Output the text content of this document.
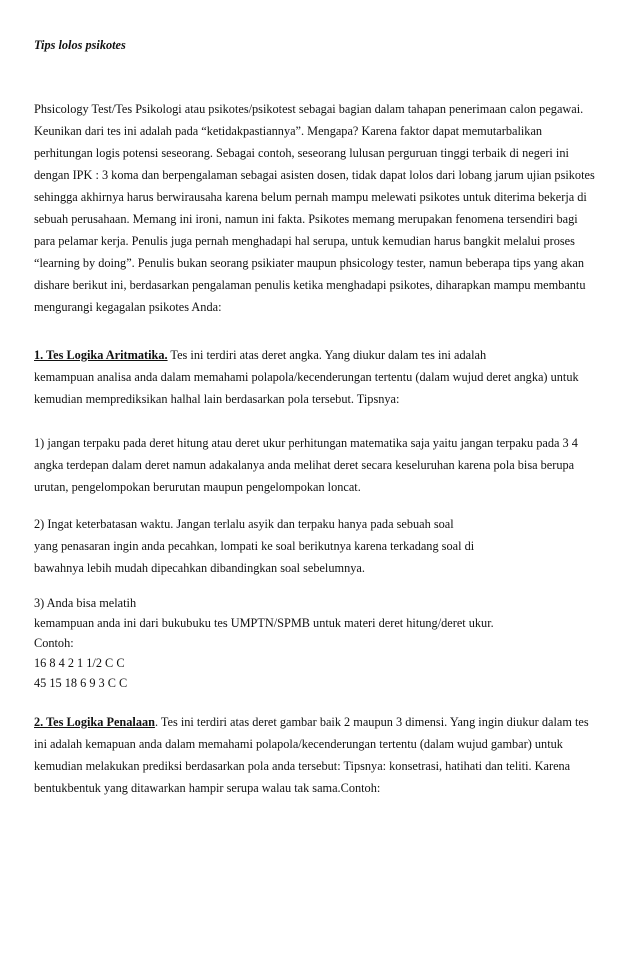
Tips lolos psikotes

Phsicology Test/Tes Psikologi atau psikotes/psikotest sebagai bagian dalam tahapan penerimaan calon pegawai.
Keunikan dari tes ini adalah pada “ketidakpastiannya”. Mengapa? Karena faktor dapat memutarbalikan
perhitungan logis potensi seseorang. Sebagai contoh, seseorang lulusan perguruan tinggi terbaik di negeri ini
dengan IPK : 3 koma dan berpengalaman sebagai asisten dosen, tidak dapat lolos dari lobang jarum ujian psikotes
sehingga akhirnya harus berwirausaha karena belum pernah mampu melewati psikotes untuk diterima bekerja di
sebuah perusahaan. Memang ini ironi, namun ini fakta. Psikotes memang merupakan fenomena tersendiri bagi
para pelamar kerja. Penulis juga pernah menghadapi hal serupa, untuk kemudian harus bangkit melalui proses
“learning by doing”. Penulis bukan seorang psikiater maupun phsicology tester, namun beberapa tips yang akan
dishare berikut ini, berdasarkan pengalaman penulis ketika menghadapi psikotes, diharapkan mampu membantu
mengurangi kegagalan psikotes Anda:
1. Tes Logika Aritmatika. Tes ini terdiri atas deret angka. Yang diukur dalam tes ini adalah
kemampuan analisa anda dalam memahami polapola/kecenderungan tertentu (dalam wujud deret angka) untuk
kemudian memprediksikan halhal lain berdasarkan pola tersebut. Tipsnya:
1) jangan terpaku pada deret hitung atau deret ukur perhitungan matematika saja yaitu jangan terpaku pada 3 4
angka terdepan dalam deret namun adakalanya anda melihat deret secara keseluruhan karena pola bisa berupa
urutan, pengelompokan berurutan maupun pengelompokan loncat.
2) Ingat keterbatasan waktu. Jangan terlalu asyik dan terpaku hanya pada sebuah soal
yang penasaran ingin anda pecahkan, lompati ke soal berikutnya karena terkadang soal di
bawahnya lebih mudah dipecahkan dibandingkan soal sebelumnya.
3) Anda bisa melatih
kemampuan anda ini dari bukubuku tes UMPTN/SPMB untuk materi deret hitung/deret ukur.
Contoh:
16 8 4 2 1 1/2 C C
45 15 18 6 9 3 C C
2. Tes Logika Penalaan. Tes ini terdiri atas deret gambar baik 2 maupun 3 dimensi. Yang ingin diukur dalam tes
ini adalah kemapuan anda dalam memahami polapola/kecenderungan tertentu (dalam wujud gambar) untuk
kemudian melakukan prediksi berdasarkan pola anda tersebut: Tipsnya: konsetrasi, hatihati dan teliti. Karena
bentukbentuk yang ditawarkan hampir serupa walau tak sama.Contoh:
